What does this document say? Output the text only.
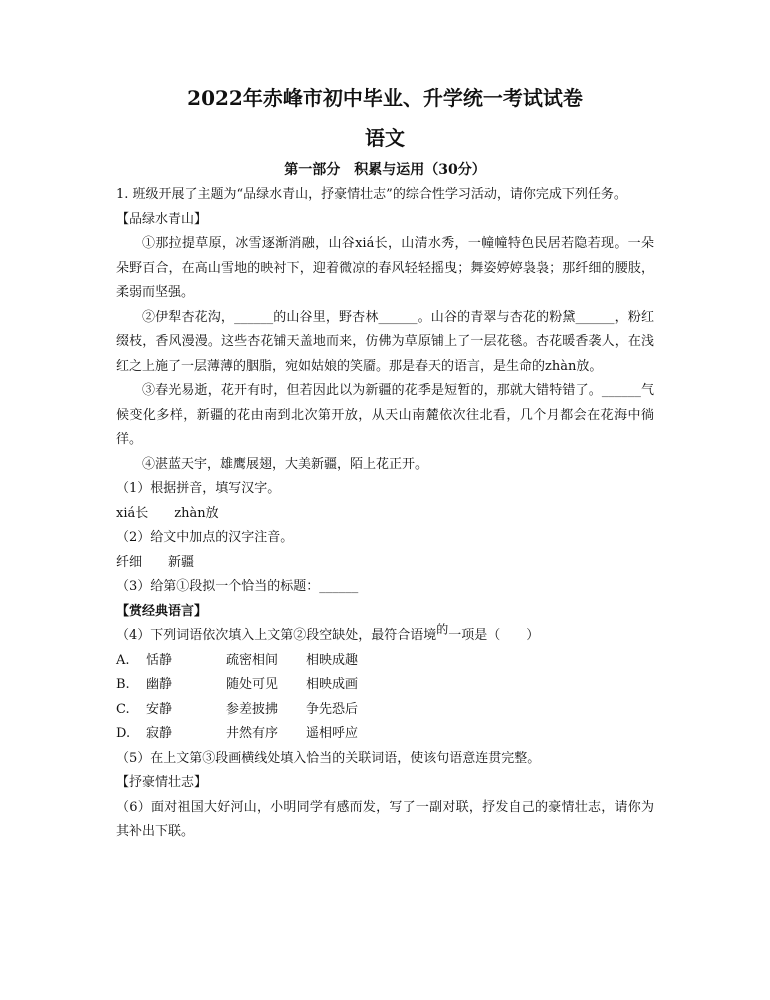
2022年赤峰市初中毕业、升学统一考试试卷
语文
第一部分　积累与运用（30分）

1. 班级开展了主题为“品绿水青山，抒豪情壮志”的综合性学习活动，请你完成下列任务。

【品绿水青山】

①那拉提草原，冰雪逐渐消融，山谷xiá长，山清水秀，一幢幢特色民居若隐若现。一朵朵野百合，在高山雪地的映衬下，迎着微凉的春风轻轻摇曳；舞姿婷婷袅袅；那纤细的腰肢，柔弱而坚强。

②伊犁杏花沟，______的山谷里，野杏林______。山谷的青翠与杏花的粉黛______，粉红缀枝，香风漫漫。这些杏花铺天盖地而来，仿佛为草原铺上了一层花毯。杏花暖香袭人，在浅红之上施了一层薄薄的胭脂，宛如姑娘的笑靥。那是春天的语言，是生命的zhàn放。

③春光易逝，花开有时，但若因此以为新疆的花季是短暂的，那就大错特错了。______气候变化多样，新疆的花由南到北次第开放，从天山南麓依次往北看，几个月都会在花海中徜徉。

④湛蓝天宇，雄鹰展翅，大美新疆，陌上花正开。

（1）根据拼音，填写汉字。

xiá长 zhàn放

（2）给文中加点的汉字注音。

纤细 新疆

（3）给第①段拟一个恰当的标题：______

【赏经典语言】

（4）下列词语依次填入上文第②段空缺处，最符合语境$^的$一项是（　　）

A. 恬静	疏密相间 相映成趣

B. 幽静	随处可见 相映成画

C. 安静	参差披拂 争先恐后

D. 寂静	井然有序 遥相呼应

（5）在上文第③段画横线处填入恰当的关联词语，使该句语意连贯完整。

【抒豪情壮志】

（6）面对祖国大好河山，小明同学有感而发，写了一副对联，抒发自己的豪情壮志，请你为其补出下联。
